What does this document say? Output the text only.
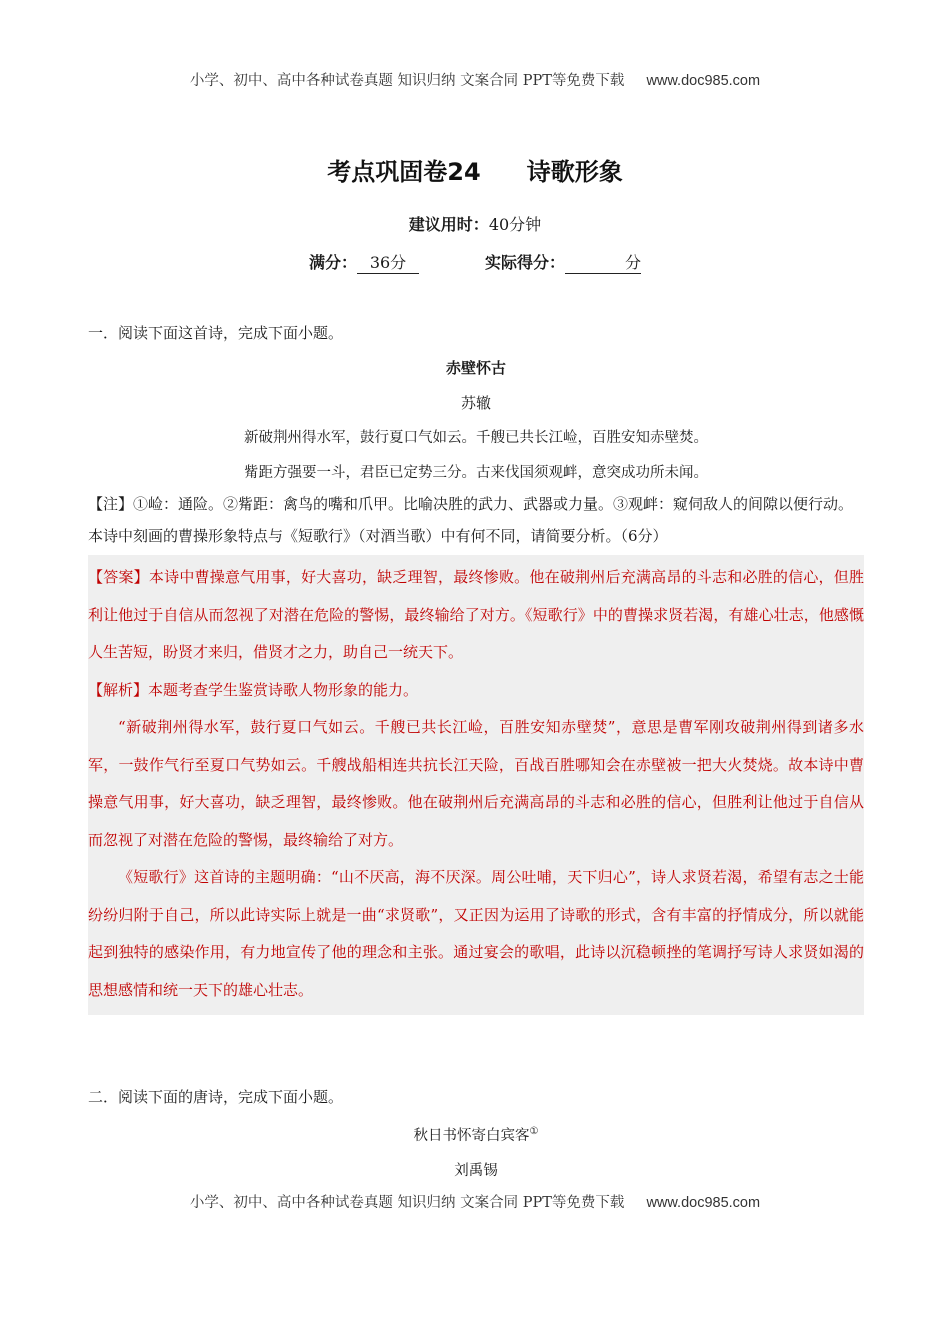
小学、初中、高中各种试卷真题 知识归纳 文案合同 PPT等免费下载 www.doc985.com
考点巩固卷24 诗歌形象
建议用时：40分钟
满分： 36分	实际得分：	分

一．阅读下面这首诗，完成下面小题。

赤壁怀古
苏辙
新破荆州得水军，鼓行夏口气如云。千艘已共长江崄，百胜安知赤壁焚。
觜距方强要一斗，君臣已定势三分。古来伐国须观衅，意突成功所未闻。
【注】①崄：通险。②觜距：禽鸟的嘴和爪甲。比喻决胜的武力、武器或力量。③观衅：窥伺敌人的间隙以便行动。
本诗中刻画的曹操形象特点与《短歌行》（对酒当歌）中有何不同，请简要分析。（6分）

【答案】本诗中曹操意气用事，好大喜功，缺乏理智，最终惨败。他在破荆州后充满高昂的斗志和必胜的信心，但胜利让他过于自信从而忽视了对潜在危险的警惕，最终输给了对方。《短歌行》中的曹操求贤若渴，有雄心壮志，他感慨人生苦短，盼贤才来归，借贤才之力，助自己一统天下。

【解析】本题考查学生鉴赏诗歌人物形象的能力。

“新破荆州得水军，鼓行夏口气如云。千艘已共长江崄，百胜安知赤壁焚”，意思是曹军刚攻破荆州得到诸多水军，一鼓作气行至夏口气势如云。千艘战船相连共抗长江天险，百战百胜哪知会在赤壁被一把大火焚烧。故本诗中曹操意气用事，好大喜功，缺乏理智，最终惨败。他在破荆州后充满高昂的斗志和必胜的信心，但胜利让他过于自信从而忽视了对潜在危险的警惕，最终输给了对方。

《短歌行》这首诗的主题明确：“山不厌高，海不厌深。周公吐哺，天下归心”，诗人求贤若渴，希望有志之士能纷纷归附于自己，所以此诗实际上就是一曲“求贤歌”，又正因为运用了诗歌的形式，含有丰富的抒情成分，所以就能起到独特的感染作用，有力地宣传了他的理念和主张。通过宴会的歌唱，此诗以沉稳顿挫的笔调抒写诗人求贤如渴的思想感情和统一天下的雄心壮志。

二．阅读下面的唐诗，完成下面小题。

秋日书怀寄白宾客①
刘禹锡
小学、初中、高中各种试卷真题 知识归纳 文案合同 PPT等免费下载 www.doc985.com
